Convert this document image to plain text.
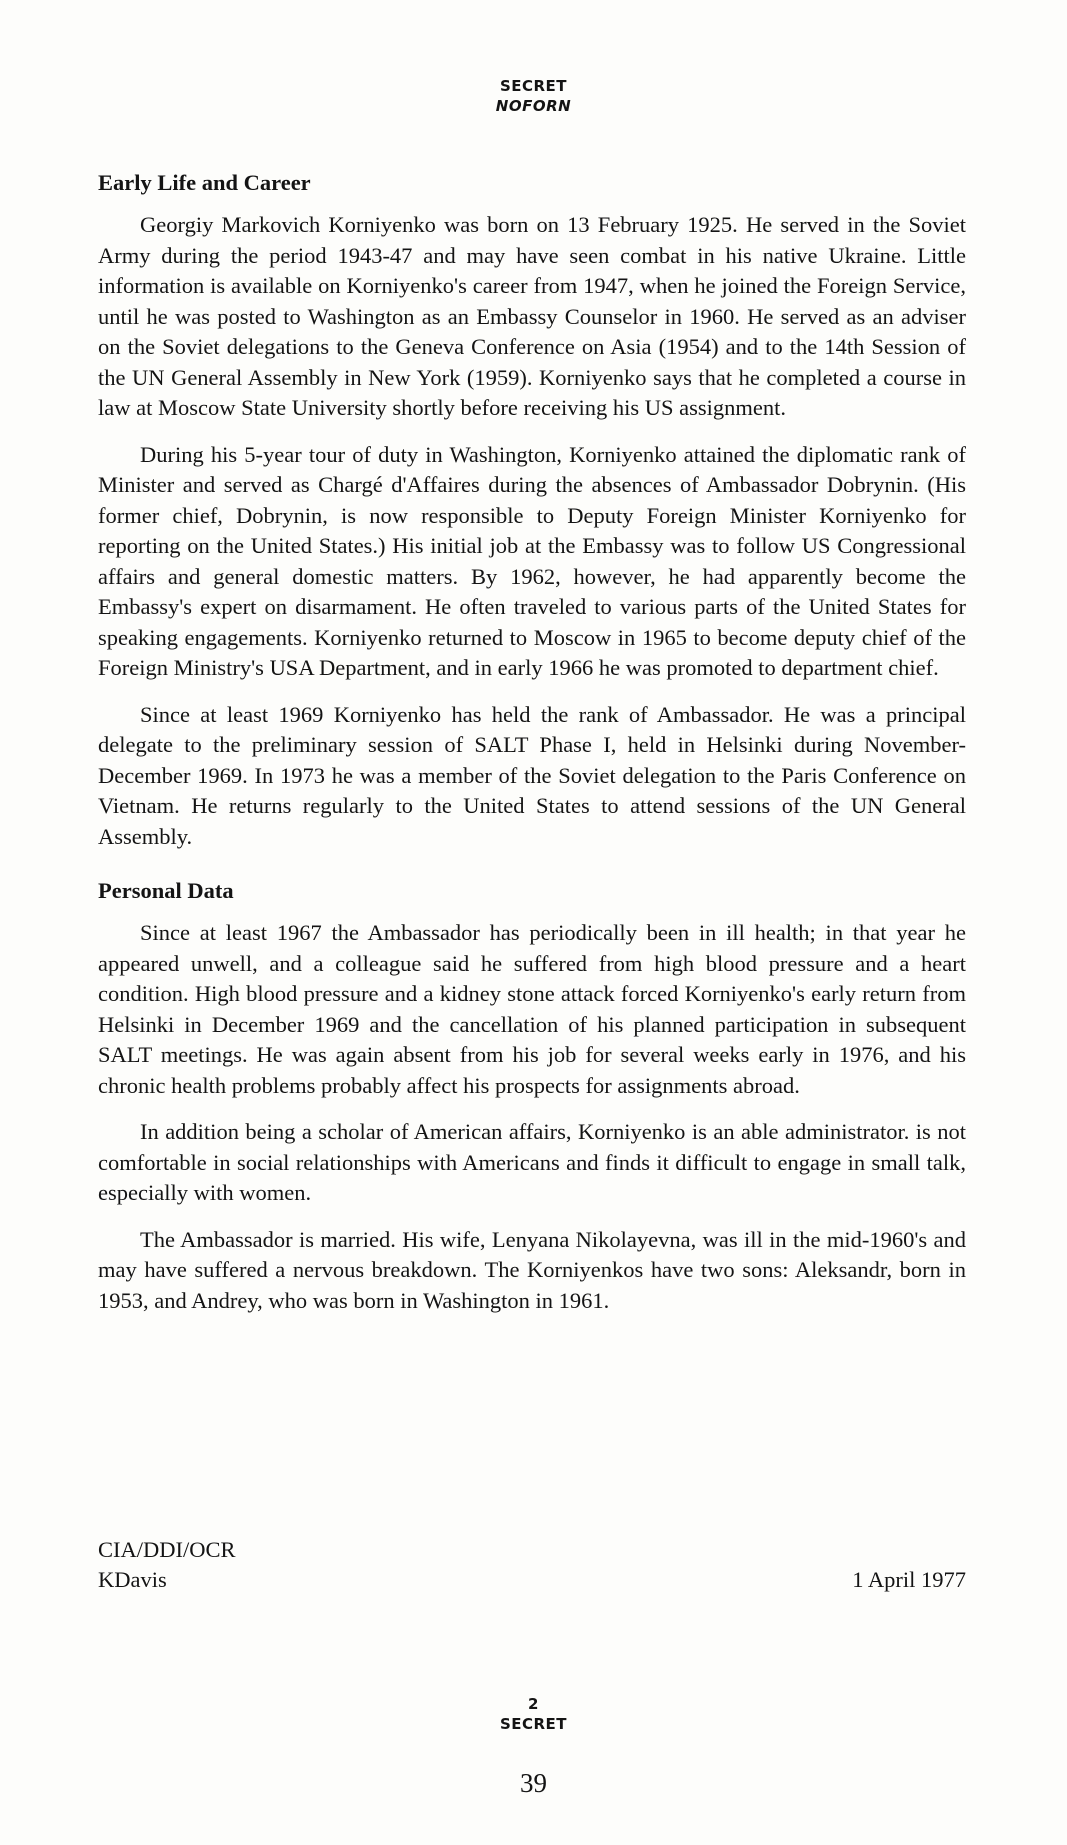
SECRET
NOFORN
Early Life and Career

Georgiy Markovich Korniyenko was born on 13 February 1925. He served in the Soviet Army during the period 1943-47 and may have seen combat in his native Ukraine. Little information is available on Korniyenko's career from 1947, when he joined the Foreign Service, until he was posted to Washington as an Embassy Counselor in 1960. He served as an adviser on the Soviet delegations to the Geneva Conference on Asia (1954) and to the 14th Session of the UN General Assembly in New York (1959). Korniyenko says that he completed a course in law at Moscow State University shortly before receiving his US assignment.

During his 5-year tour of duty in Washington, Korniyenko attained the diplomatic rank of Minister and served as Chargé d'Affaires during the absences of Ambassador Dobrynin. (His former chief, Dobrynin, is now responsible to Deputy Foreign Minister Korniyenko for reporting on the United States.) His initial job at the Embassy was to follow US Congressional affairs and general domestic matters. By 1962, however, he had apparently become the Embassy's expert on disarmament. He often traveled to various parts of the United States for speaking engagements. Korniyenko returned to Moscow in 1965 to become deputy chief of the Foreign Ministry's USA Department, and in early 1966 he was promoted to department chief.

Since at least 1969 Korniyenko has held the rank of Ambassador. He was a principal delegate to the preliminary session of SALT Phase I, held in Helsinki during November-December 1969. In 1973 he was a member of the Soviet delegation to the Paris Conference on Vietnam. He returns regularly to the United States to attend sessions of the UN General Assembly.

Personal Data

Since at least 1967 the Ambassador has periodically been in ill health; in that year he appeared unwell, and a colleague said he suffered from high blood pressure and a heart condition. High blood pressure and a kidney stone attack forced Korniyenko's early return from Helsinki in December 1969 and the cancellation of his planned participation in subsequent SALT meetings. He was again absent from his job for several weeks early in 1976, and his chronic health problems probably affect his prospects for assignments abroad.

In addition being a scholar of American affairs, Korniyenko is an able administrator. is not comfortable in social relationships with Americans and finds it difficult to engage in small talk, especially with women.

The Ambassador is married. His wife, Lenyana Nikolayevna, was ill in the mid-1960's and may have suffered a nervous breakdown. The Korniyenkos have two sons: Aleksandr, born in 1953, and Andrey, who was born in Washington in 1961.

CIA/DDI/OCR
KDavis	1 April 1977
2
SECRET
39
